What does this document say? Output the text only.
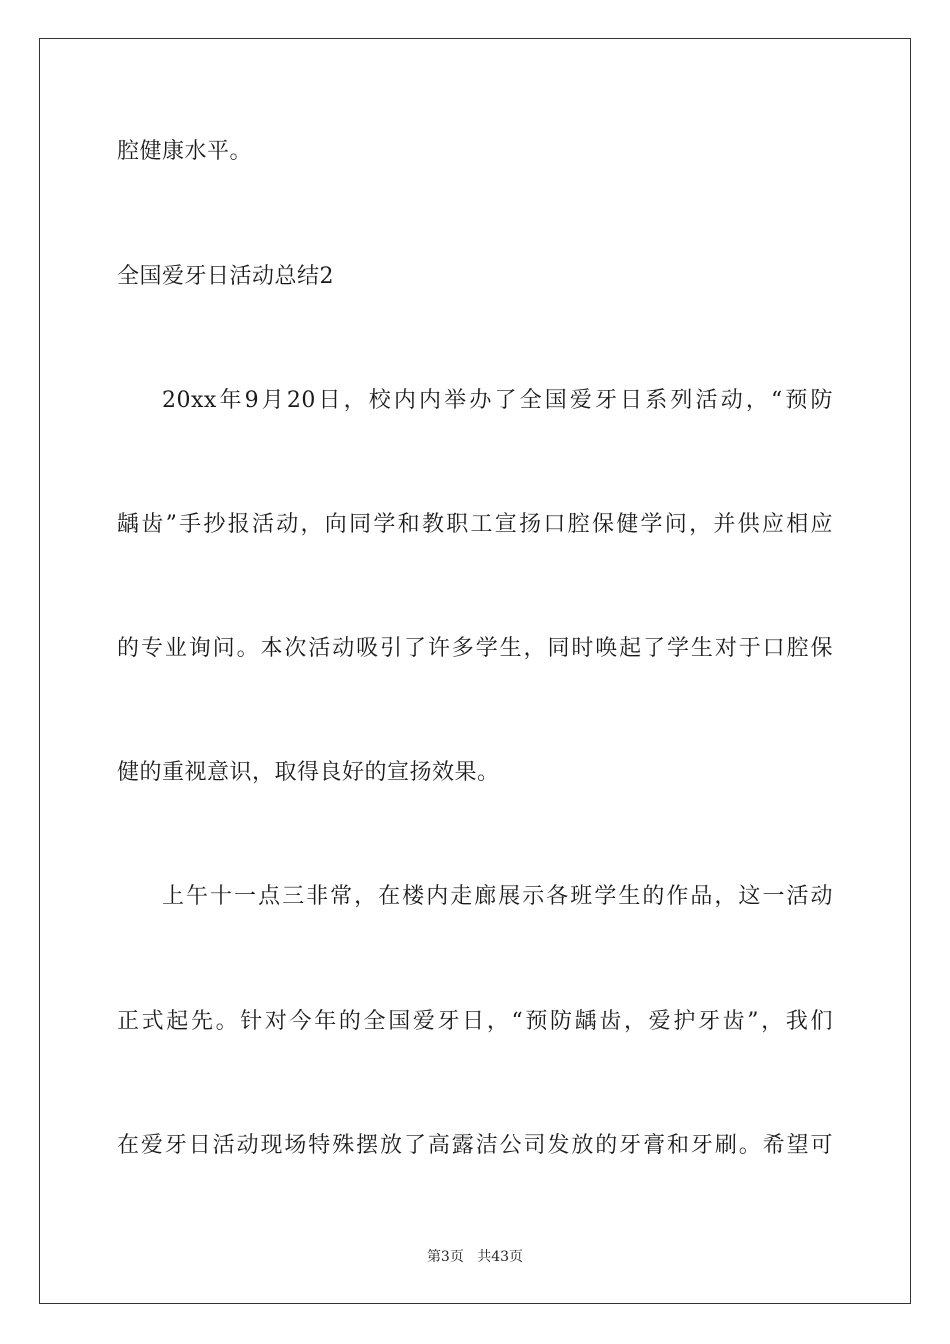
腔健康水平。
全国爱牙日活动总结2
20xx年9月20日，校内内举办了全国爱牙日系列活动，“预防
龋齿”手抄报活动，向同学和教职工宣扬口腔保健学问，并供应相应
的专业询问。本次活动吸引了许多学生，同时唤起了学生对于口腔保
健的重视意识，取得良好的宣扬效果。
上午十一点三非常，在楼内走廊展示各班学生的作品，这一活动
正式起先。针对今年的全国爱牙日，“预防龋齿，爱护牙齿”，我们
在爱牙日活动现场特殊摆放了高露洁公司发放的牙膏和牙刷。希望可
第3页 共43页
